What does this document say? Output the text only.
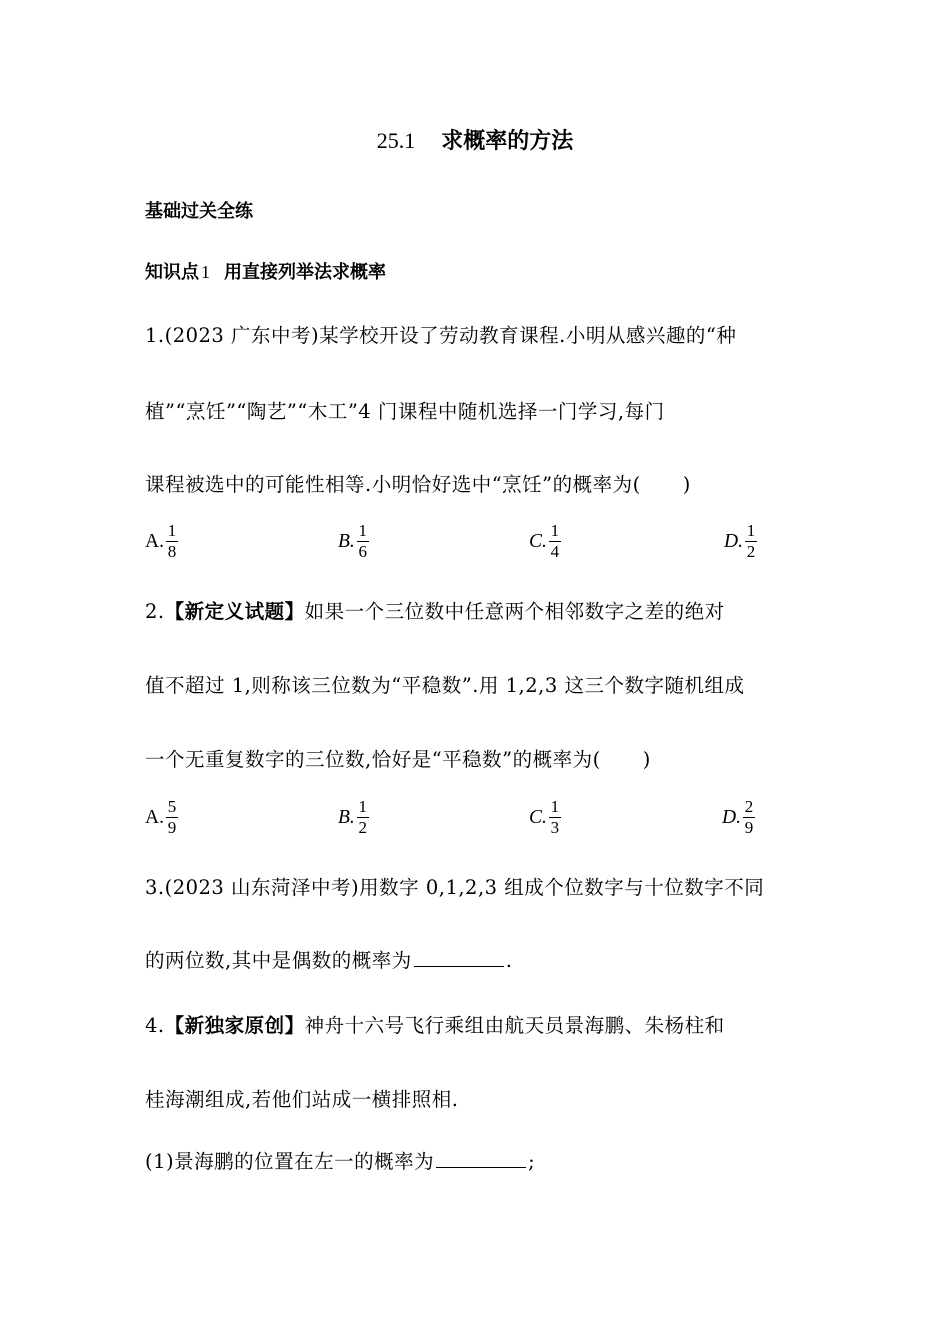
25.1 求概率的方法
基础过关全练
知识点 1 用直接列举法求概率
1.(2023 广东中考)某学校开设了劳动教育课程.小明从感兴趣的“种
植”“烹饪”“陶艺”“木工”4 门课程中随机选择一门学习,每门
课程被选中的可能性相等.小明恰好选中“烹饪”的概率为( )
A. $\frac{1}{8}$	B. $\frac{1}{6}$	C. $\frac{1}{4}$	D. $\frac{1}{2}$
2.【新定义试题】如果一个三位数中任意两个相邻数字之差的绝对
值不超过 1,则称该三位数为“平稳数”.用 1,2,3 这三个数字随机组成
一个无重复数字的三位数,恰好是“平稳数”的概率为( )
A. $\frac{5}{9}$	B. $\frac{1}{2}$	C. $\frac{1}{3}$	D. $\frac{2}{9}$
3.(2023 山东菏泽中考)用数字 0,1,2,3 组成个位数字与十位数字不同
的两位数,其中是偶数的概率为	.
4.【新独家原创】神舟十六号飞行乘组由航天员景海鹏、朱杨柱和
桂海潮组成,若他们站成一横排照相.
(1)景海鹏的位置在左一的概率为	;
